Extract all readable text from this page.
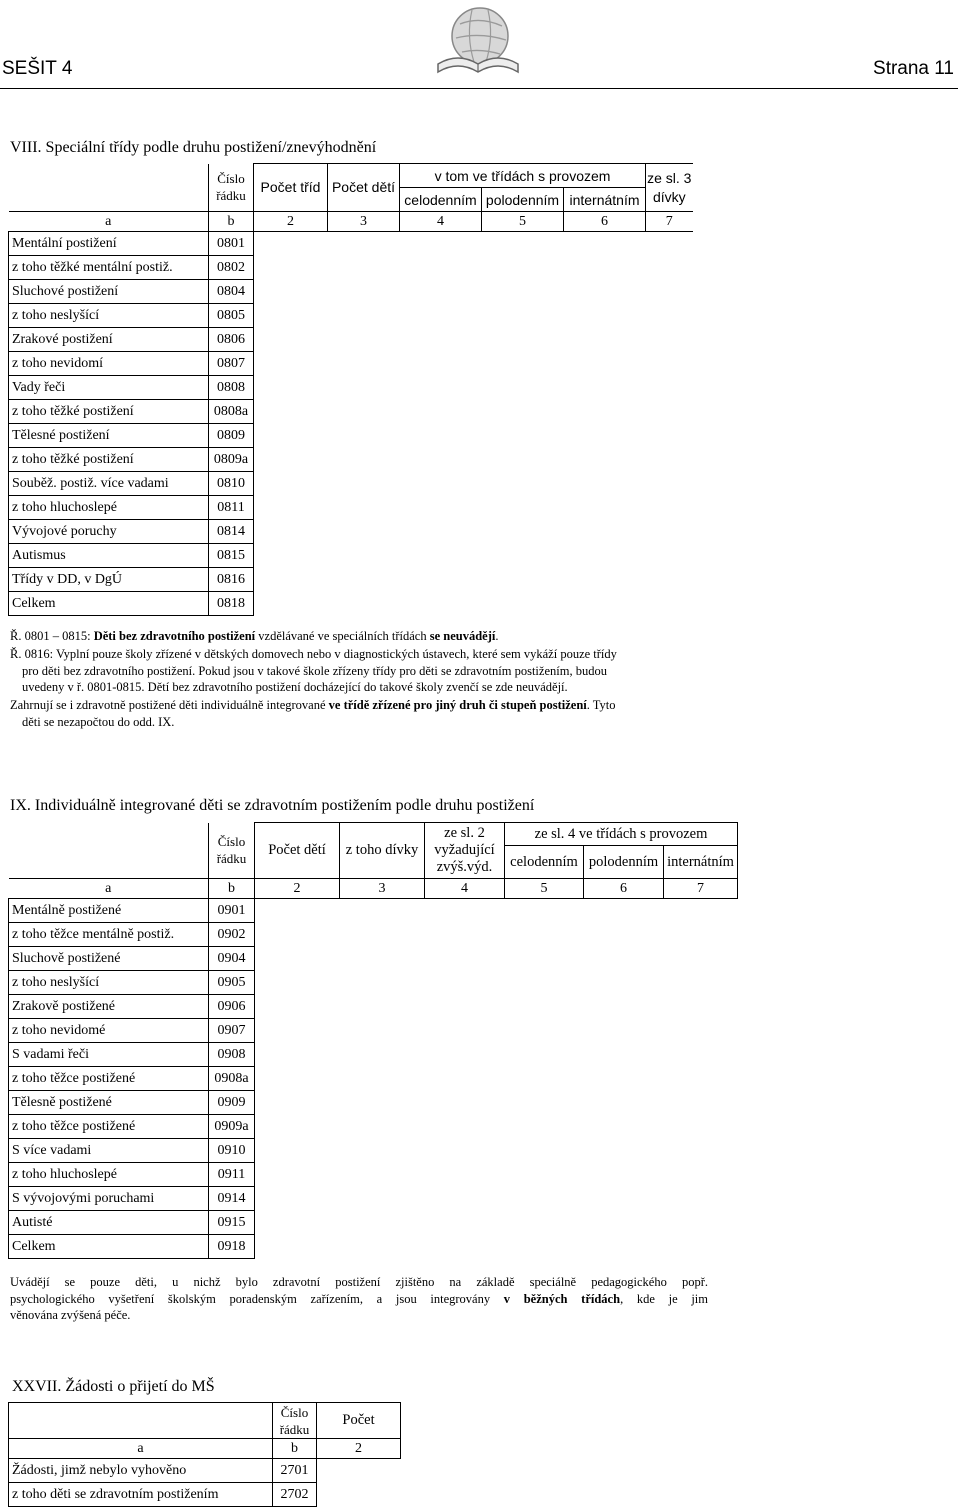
SEŠIT 4	Strana 11
VIII. Speciální třídy podle druhu postižení/znevýhodnění
	Číslo řádku	Počet tříd	Počet dětí	v tom ve třídách s provozem			ze sl. 3 dívky
				celodenním	polodenním	internátním	
a	b	2	3	4	5	6	7
Mentální postižení	0801						
z toho těžké mentální postiž.	0802						
Sluchové postižení	0804						
z toho neslyšící	0805						
Zrakové postižení	0806						
z toho nevidomí	0807						
Vady řeči	0808						
z toho těžké postižení	0808a						
Tělesné postižení	0809						
z toho těžké postižení	0809a						
Souběž. postiž. více vadami	0810						
z toho hluchoslepé	0811						
Vývojové poruchy	0814						
Autismus	0815						
Třídy v DD, v DgÚ	0816						
Celkem	0818						

Ř. 0801 – 0815: Děti bez zdravotního postižení vzdělávané ve speciálních třídách se neuvádějí.

Ř. 0816: Vyplní pouze školy zřízené v dětských domovech nebo v diagnostických ústavech, které sem vykáží pouze třídy

pro děti bez zdravotního postižení. Pokud jsou v takové škole zřízeny třídy pro děti se zdravotním postižením, budou

uvedeny v ř. 0801-0815. Dětí bez zdravotního postižení docházející do takové školy zvenčí se zde neuvádějí.

Zahrnují se i zdravotně postižené děti individuálně integrované ve třídě zřízené pro jiný druh či stupeň postižení. Tyto

děti se nezapočtou do odd. IX.

IX. Individuálně integrované děti se zdravotním postižením podle druhu postižení
	Číslo řádku	Počet dětí	z toho dívky	ze sl. 2 vyžadující zvýš.výd.	ze sl. 4 ve třídách s provozem		
					celodenním	polodenním	internátním
a	b	2	3	4	5	6	7
Mentálně postižené	0901						
z toho těžce mentálně postiž.	0902						
Sluchově postižené	0904						
z toho neslyšící	0905						
Zrakově postižené	0906						
z toho nevidomé	0907						
S vadami řeči	0908						
z toho těžce postižené	0908a						
Tělesně postižené	0909						
z toho těžce postižené	0909a						
S více vadami	0910						
z toho hluchoslepé	0911						
S vývojovými poruchami	0914						
Autisté	0915						
Celkem	0918						

Uvádějí se pouze děti, u nichž bylo zdravotní postižení zjištěno na základě speciálně pedagogického popř.

psychologického vyšetření školským poradenským zařízením, a jsou integrovány v běžných třídách, kde je jim

věnována zvýšená péče.

XXVII. Žádosti o přijetí do MŠ
	Číslo řádku	Počet
a	b	2
Žádosti, jimž nebylo vyhověno	2701	
z toho děti se zdravotním postižením	2702	
